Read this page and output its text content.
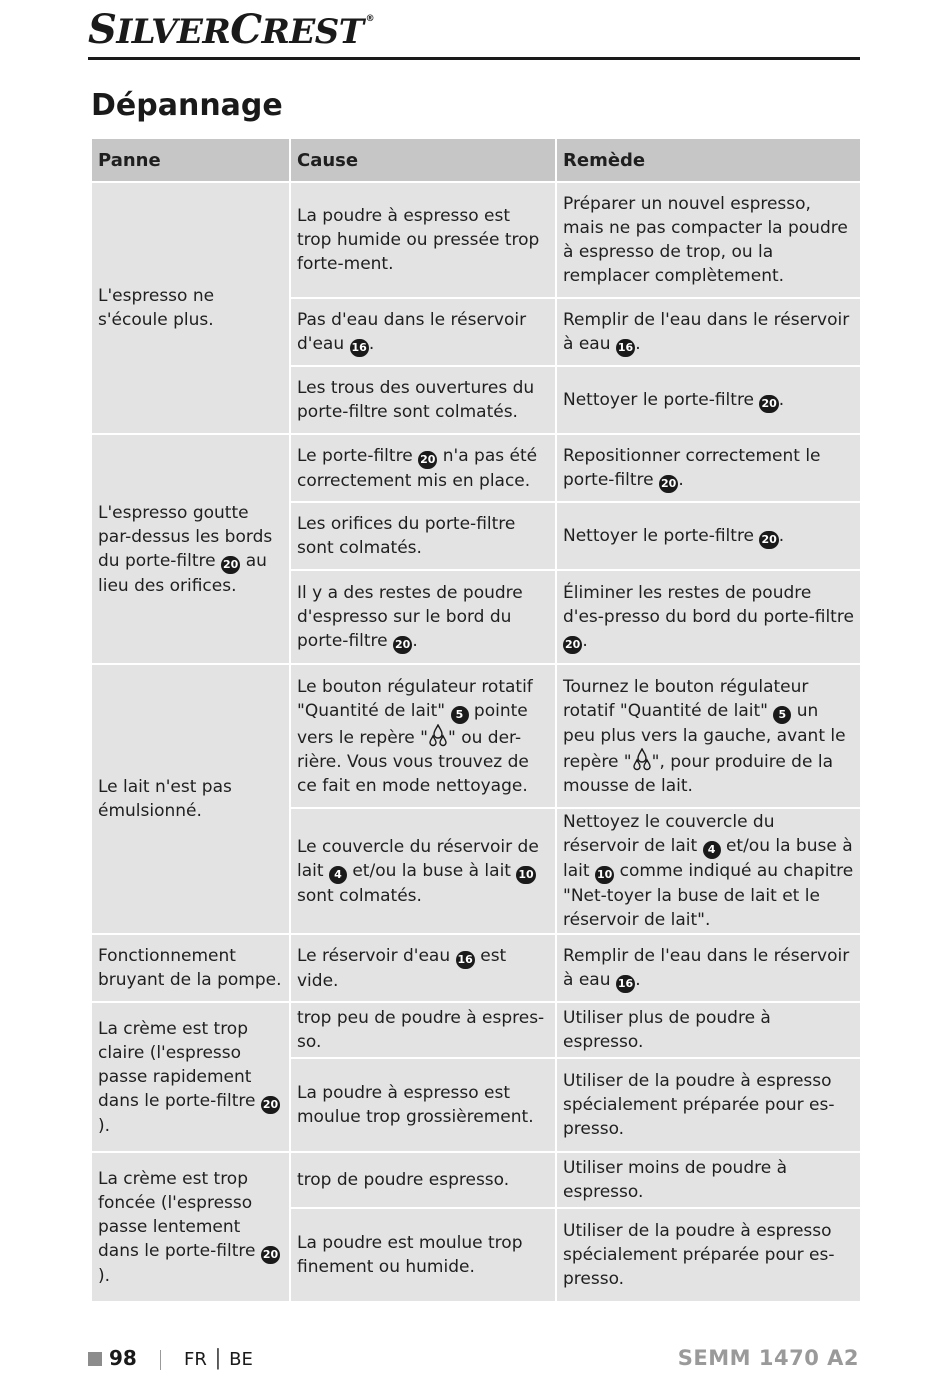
SILVERCREST ®
Dépannage
Panne	Cause	Remède
L'espresso ne s'écoule plus.	La poudre à espresso est trop humide ou pressée trop forte-ment.	Préparer un nouvel espresso, mais ne pas compacter la poudre à espresso de trop, ou la remplacer complètement.
	Pas d'eau dans le réservoir d'eau 16 .	Remplir de l'eau dans le réservoir à eau 16 .
	Les trous des ouvertures du porte-filtre sont colmatés.	Nettoyer le porte-filtre 20 .
L'espresso goutte par-dessus les bords du porte-filtre 20 au lieu des orifices.	Le porte-filtre 20 n'a pas été correctement mis en place.	Repositionner correctement le porte-filtre 20 .
	Les orifices du porte-filtre sont colmatés.	Nettoyer le porte-filtre 20 .
	Il y a des restes de poudre d'espresso sur le bord du porte-filtre 20 .	Éliminer les restes de poudre d'es-presso du bord du porte-filtre 20 .
Le lait n'est pas émulsionné.	Le bouton régulateur rotatif "Quantité de lait" 5 pointe vers le repère " " ou der-rière. Vous vous trouvez de ce fait en mode nettoyage.	Tournez le bouton régulateur rotatif "Quantité de lait" 5 un peu plus vers la gauche, avant le repère " ", pour produire de la mousse de lait.
	Le couvercle du réservoir de lait 4 et/ou la buse à lait 10 sont colmatés.	Nettoyez le couvercle du réservoir de lait 4 et/ou la buse à lait 10 comme indiqué au chapitre "Net-toyer la buse de lait et le réservoir de lait".
Fonctionnement bruyant de la pompe.	Le réservoir d'eau 16 est vide.	Remplir de l'eau dans le réservoir à eau 16 .
La crème est trop claire (l'espresso passe rapidement dans le porte-filtre 20).	trop peu de poudre à espres-so.	Utiliser plus de poudre à espresso.
	La poudre à espresso est moulue trop grossièrement.	Utiliser de la poudre à espresso spécialement préparée pour es-presso.
La crème est trop foncée (l'espresso passe lentement dans le porte-filtre 20).	trop de poudre espresso.	Utiliser moins de poudre à espresso.
	La poudre est moulue trop finement ou humide.	Utiliser de la poudre à espresso spécialement préparée pour es-presso.
98	FR │ BE	SEMM 1470 A2
